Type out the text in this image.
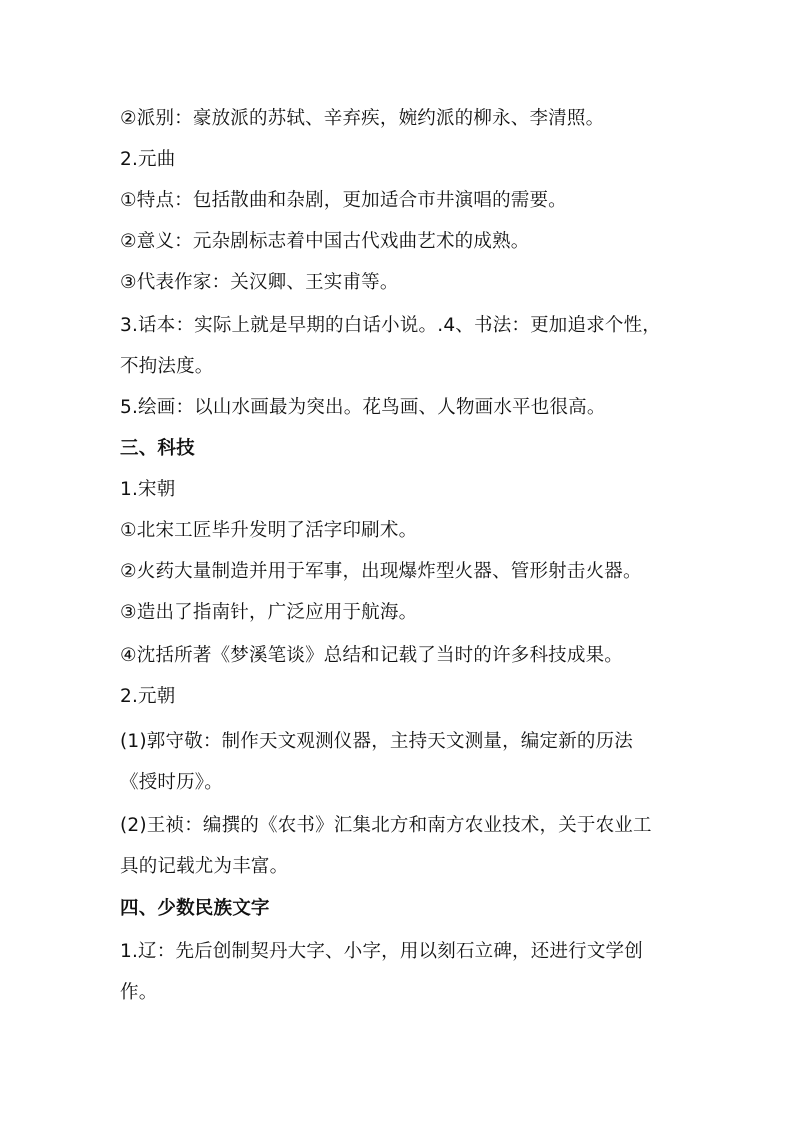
②派别：豪放派的苏轼、辛弃疾，婉约派的柳永、李清照。
2.元曲
①特点：包括散曲和杂剧，更加适合市井演唱的需要。
②意义：元杂剧标志着中国古代戏曲艺术的成熟。
③代表作家：关汉卿、王实甫等。
3.话本：实际上就是早期的白话小说。.4、书法：更加追求个性，
不拘法度。
5.绘画：以山水画最为突出。花鸟画、人物画水平也很高。
三、科技
1.宋朝
①北宋工匠毕升发明了活字印刷术。
②火药大量制造并用于军事，出现爆炸型火器、管形射击火器。
③造出了指南针，广泛应用于航海。
④沈括所著《梦溪笔谈》总结和记载了当时的许多科技成果。
2.元朝
(1)郭守敬：制作天文观测仪器，主持天文测量，编定新的历法
《授时历》。
(2)王祯：编撰的《农书》汇集北方和南方农业技术，关于农业工
具的记载尤为丰富。
四、少数民族文字
1.辽：先后创制契丹大字、小字，用以刻石立碑，还进行文学创
作。
